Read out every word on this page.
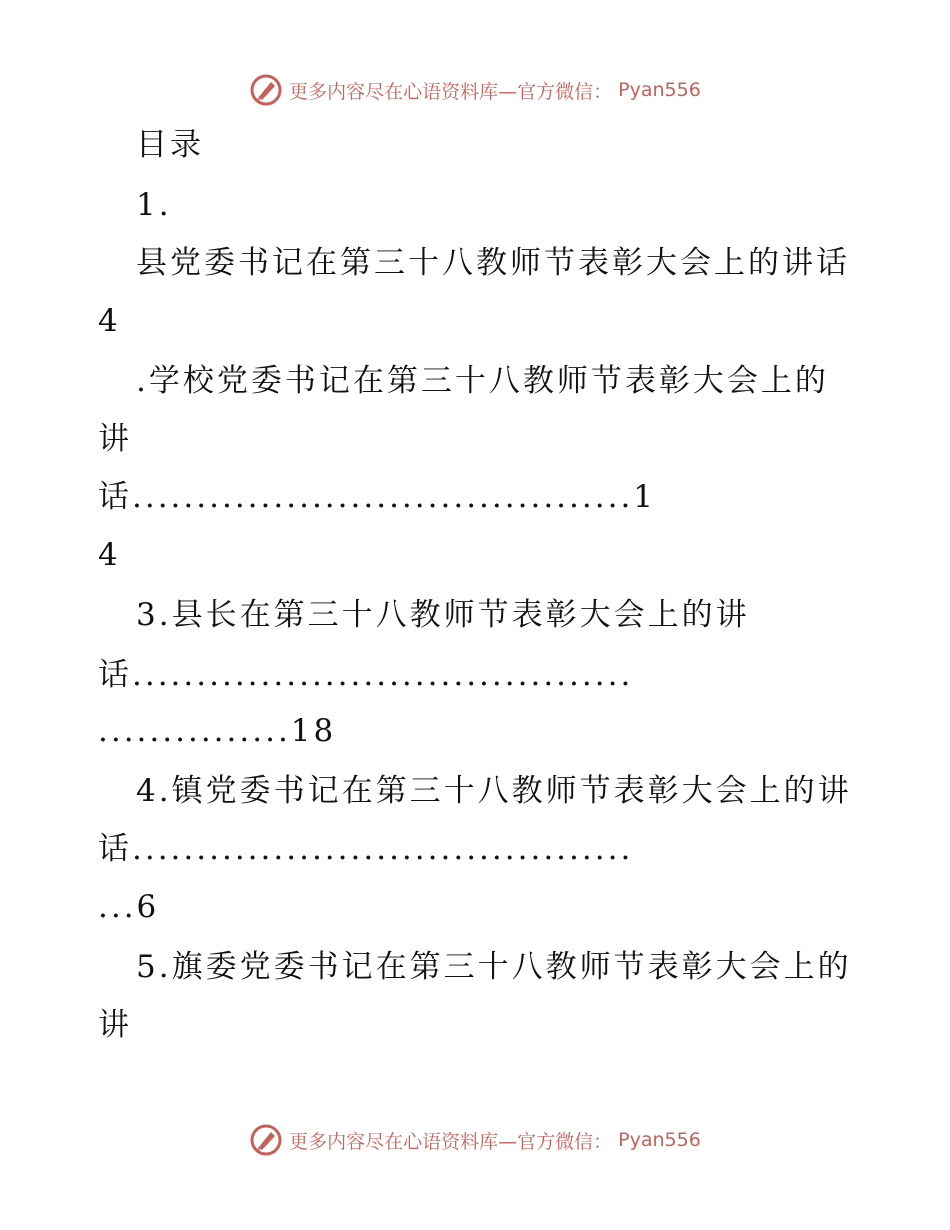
更多内容尽在心语资料库—官方微信： Pyan556
目录
1.
县党委书记在第三十八教师节表彰大会上的讲话
4
.学校党委书记在第三十八教师节表彰大会上的
讲
话.......................................1
4
3.县长在第三十八教师节表彰大会上的讲
话.......................................
...............18
4.镇党委书记在第三十八教师节表彰大会上的讲
话.......................................
...6
5.旗委党委书记在第三十八教师节表彰大会上的
讲
更多内容尽在心语资料库—官方微信： Pyan556
